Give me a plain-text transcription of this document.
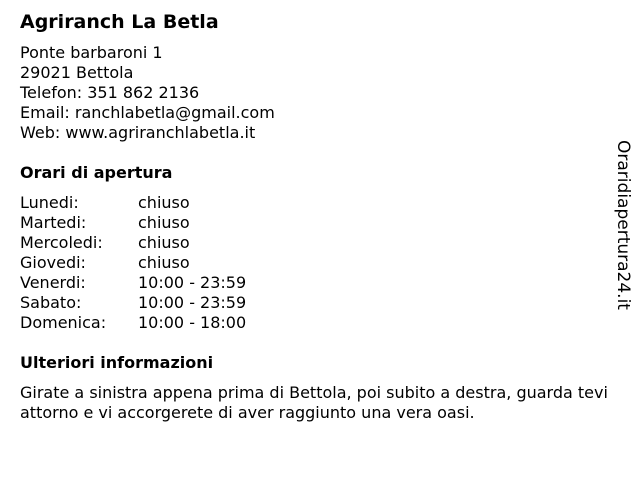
Agriranch La Betla
Ponte barbaroni 1
29021 Bettola
Telefon: 351 862 2136
Email: ranchlabetla@gmail.com
Web: www.agriranchlabetla.it
Orari di apertura
Lunedi:	chiuso
Martedi:	chiuso
Mercoledi:	chiuso
Giovedi:	chiuso
Venerdi:	10:00 - 23:59
Sabato:	10:00 - 23:59
Domenica:	10:00 - 18:00
Ulteriori informazioni
Girate a sinistra appena prima di Bettola, poi subito a destra, guarda tevi attorno e vi accorgerete di aver raggiunto una vera oasi.
Oraridiapertura24.it
